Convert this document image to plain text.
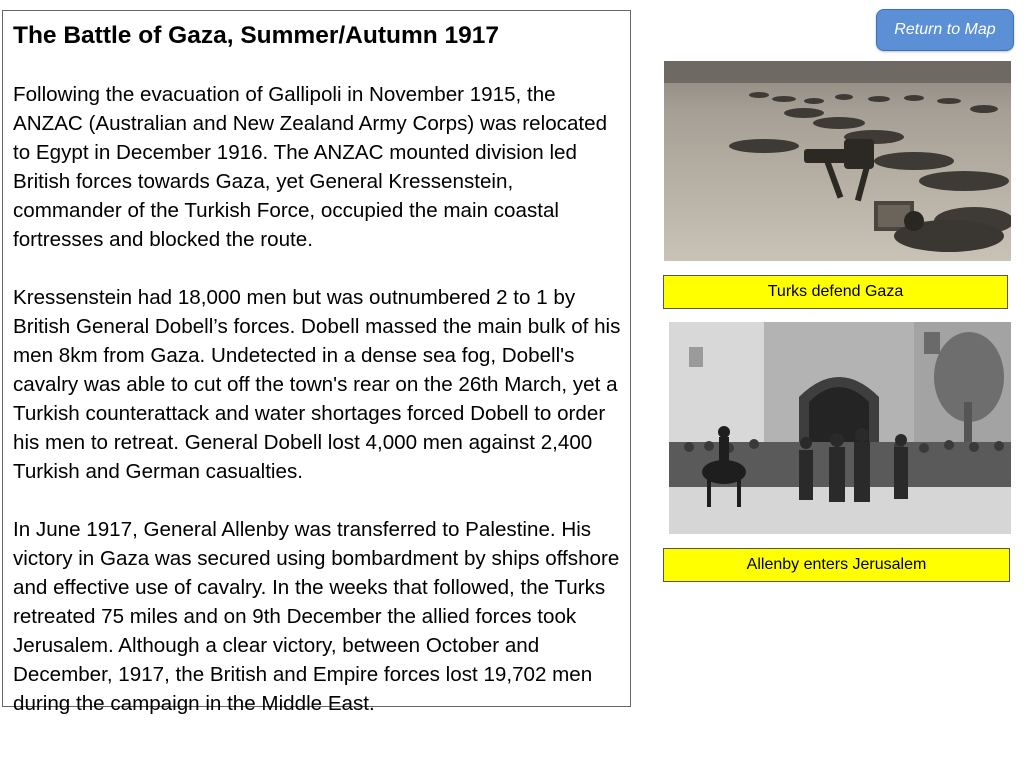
The Battle of Gaza, Summer/Autumn 1917

Following the evacuation of Gallipoli in November 1915, the ANZAC (Australian and New Zealand Army Corps) was relocated to Egypt in December 1916. The ANZAC mounted division led British forces towards Gaza, yet General Kressenstein, commander of the Turkish Force, occupied the main coastal fortresses and blocked the route.

Kressenstein had 18,000 men but was outnumbered 2 to 1 by British General Dobell’s forces. Dobell massed the main bulk of his men 8km from Gaza. Undetected in a dense sea fog, Dobell's cavalry was able to cut off the town's rear on the 26th March, yet a Turkish counterattack and water shortages forced Dobell to order his men to retreat. General Dobell lost 4,000 men against 2,400 Turkish and German casualties.

In June 1917, General Allenby was transferred to Palestine. His victory in Gaza was secured using bombardment by ships offshore and effective use of cavalry. In the weeks that followed, the Turks retreated 75 miles and on 9th December the allied forces took Jerusalem. Although a clear victory, between October and December, 1917, the British and Empire forces lost 19,702 men during the campaign in the Middle East.

Return to Map
Turks defend Gaza
Allenby enters Jerusalem
